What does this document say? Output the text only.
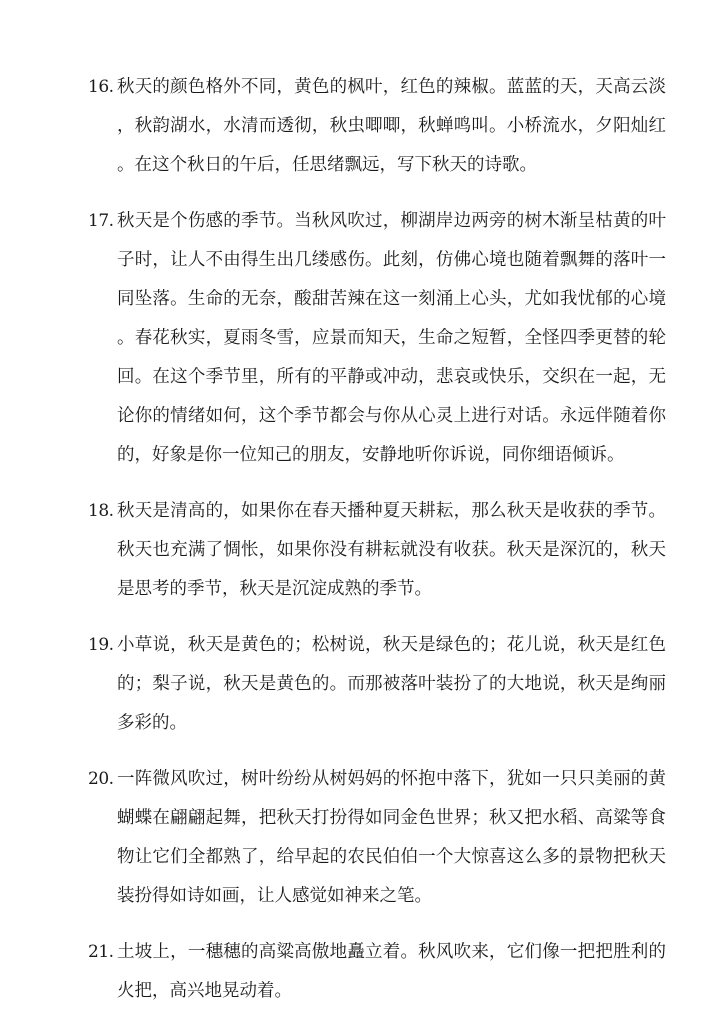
16. 秋天的颜色格外不同，黄色的枫叶，红色的辣椒。蓝蓝的天，天高云淡，秋韵湖水，水清而透彻，秋虫唧唧，秋蝉鸣叫。小桥流水，夕阳灿红。在这个秋日的午后，任思绪飘远，写下秋天的诗歌。
17. 秋天是个伤感的季节。当秋风吹过，柳湖岸边两旁的树木渐呈枯黄的叶子时，让人不由得生出几缕感伤。此刻，仿佛心境也随着飘舞的落叶一同坠落。生命的无奈，酸甜苦辣在这一刻涌上心头，尤如我忧郁的心境。春花秋实，夏雨冬雪，应景而知天，生命之短暂，全怪四季更替的轮回。在这个季节里，所有的平静或冲动，悲哀或快乐，交织在一起，无论你的情绪如何，这个季节都会与你从心灵上进行对话。永远伴随着你的，好象是你一位知己的朋友，安静地听你诉说，同你细语倾诉。
18. 秋天是清高的，如果你在春天播种夏天耕耘，那么秋天是收获的季节。秋天也充满了惆怅，如果你没有耕耘就没有收获。秋天是深沉的，秋天是思考的季节，秋天是沉淀成熟的季节。
19. 小草说，秋天是黄色的；松树说，秋天是绿色的；花儿说，秋天是红色的；梨子说，秋天是黄色的。而那被落叶装扮了的大地说，秋天是绚丽多彩的。
20. 一阵微风吹过，树叶纷纷从树妈妈的怀抱中落下，犹如一只只美丽的黄蝴蝶在翩翩起舞，把秋天打扮得如同金色世界；秋又把水稻、高粱等食物让它们全都熟了，给早起的农民伯伯一个大惊喜这么多的景物把秋天装扮得如诗如画，让人感觉如神来之笔。
21. 土坡上，一穗穗的高粱高傲地矗立着。秋风吹来，它们像一把把胜利的火把，高兴地晃动着。
